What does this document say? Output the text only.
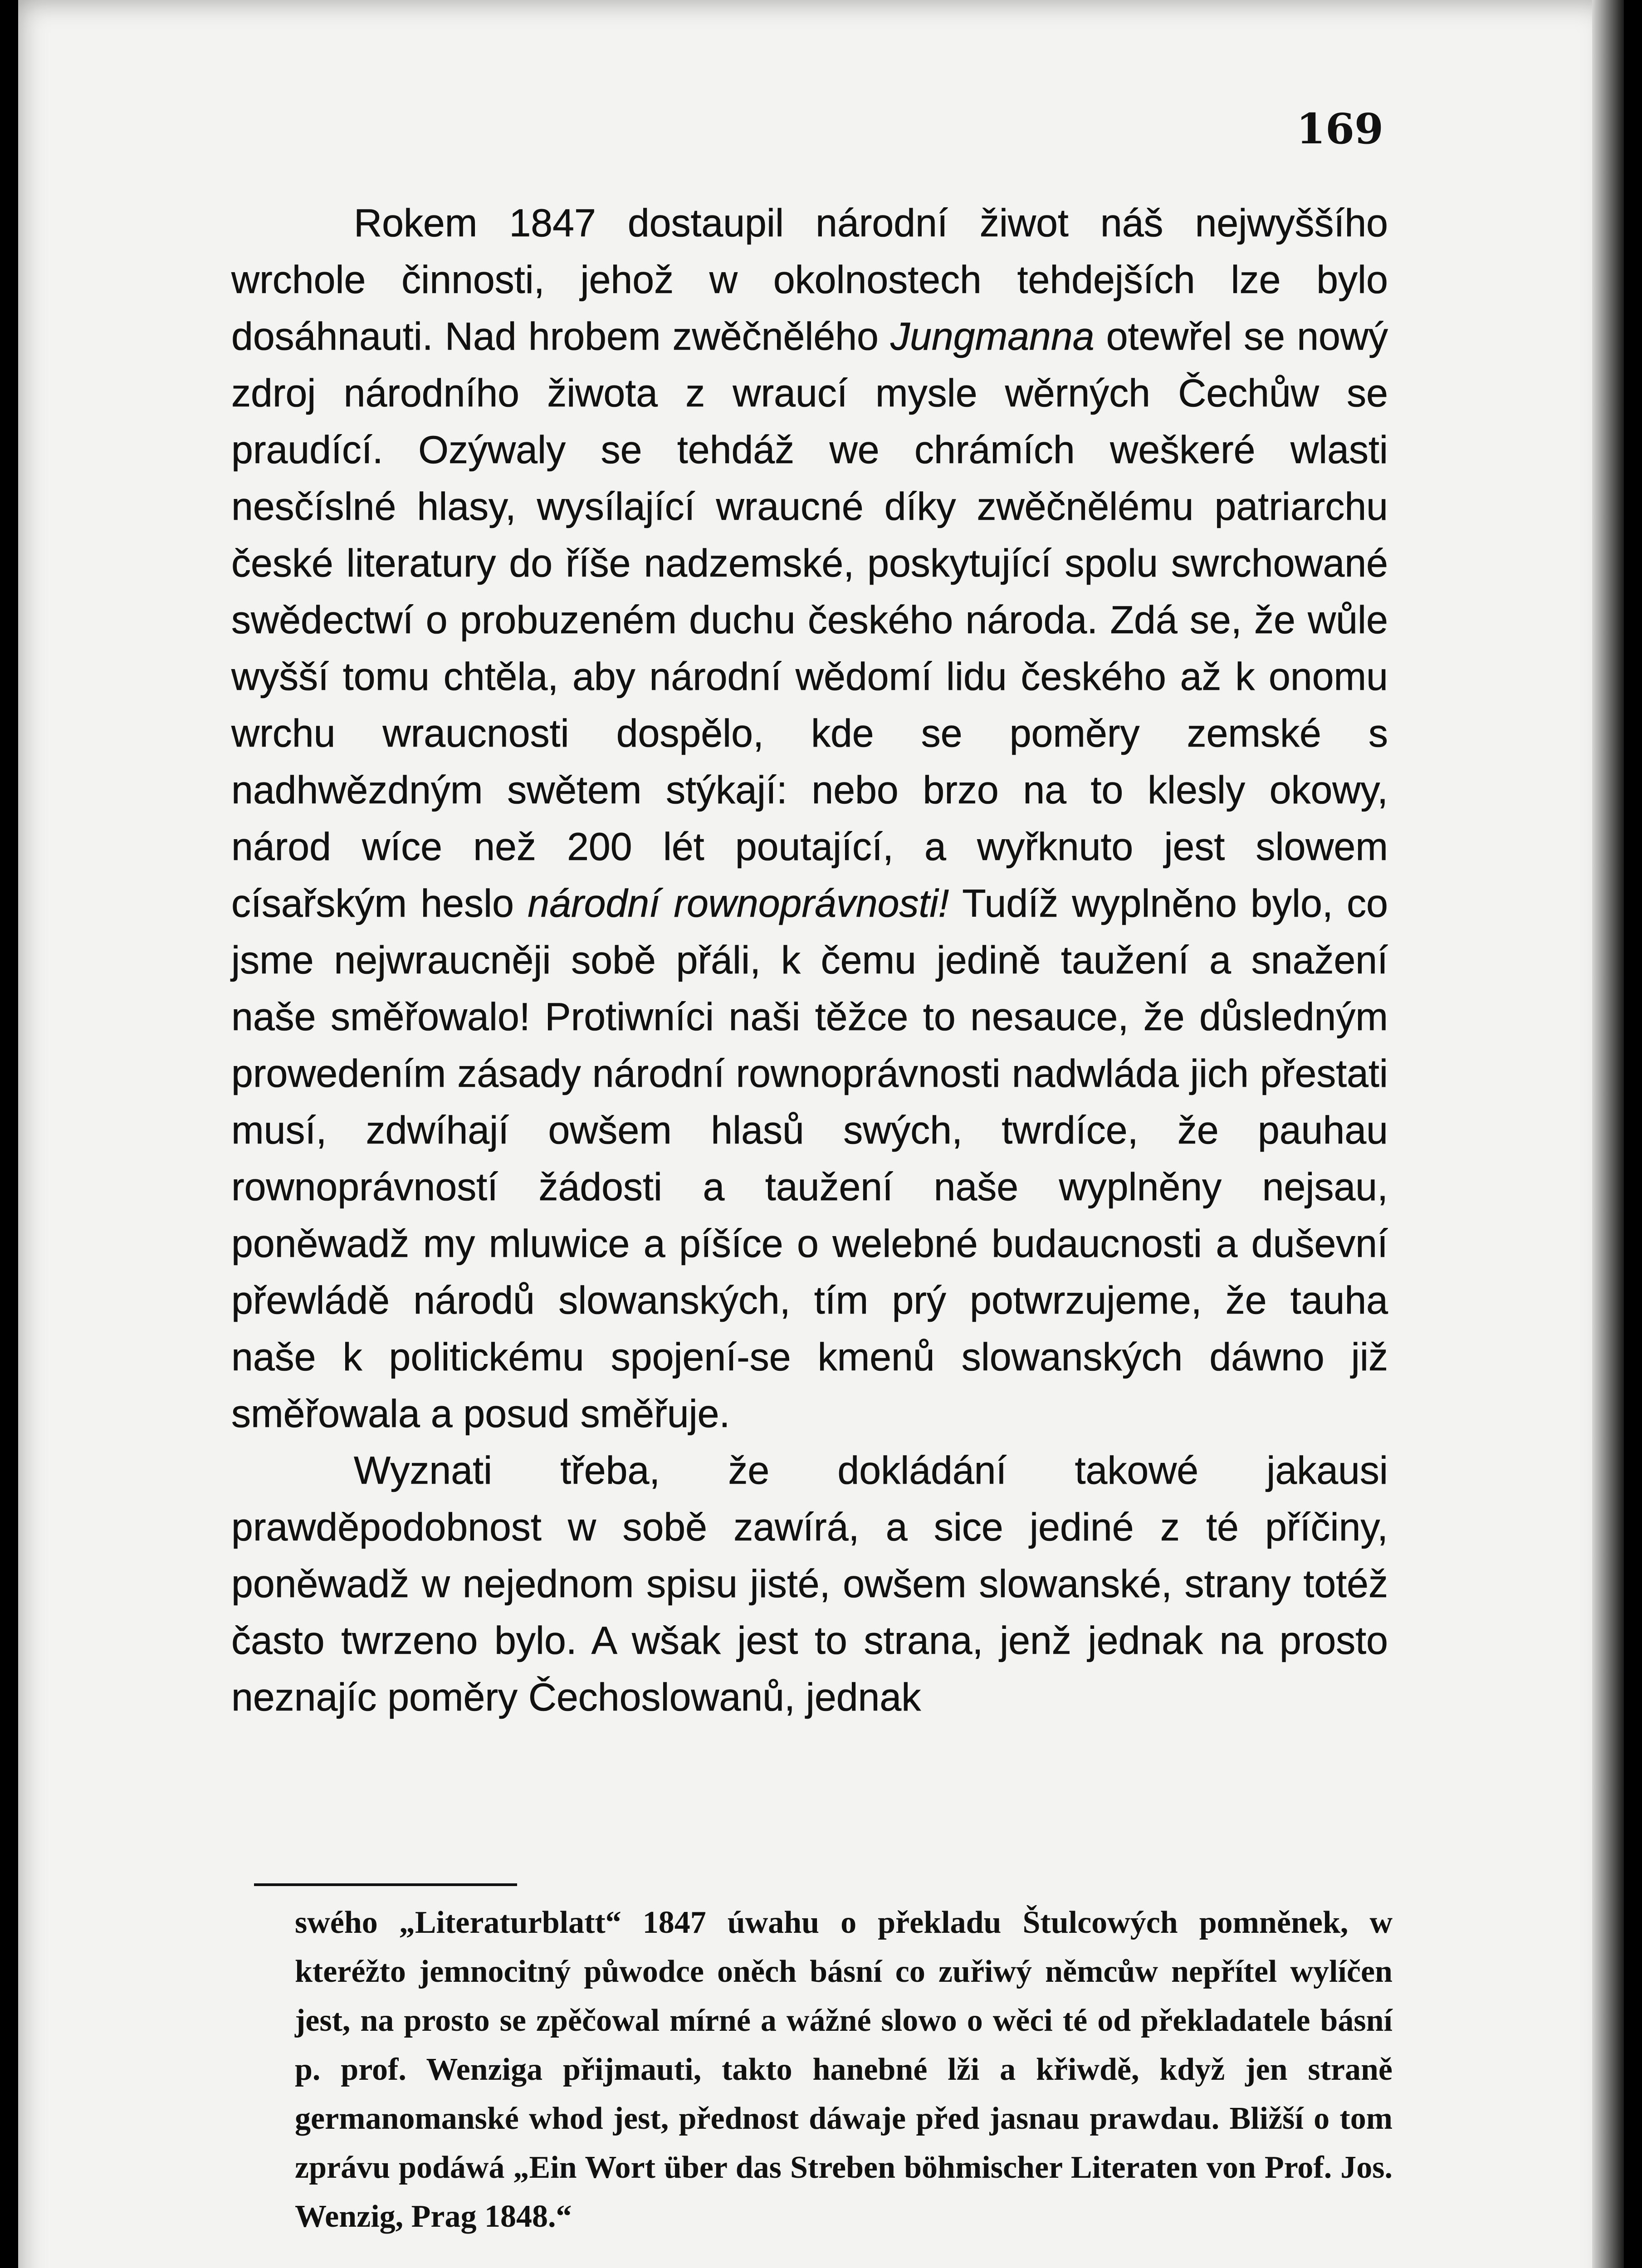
169

Rokem 1847 dostaupil národní žiwot náš nejwyššího wrchole činnosti, jehož w okolnostech tehdejších lze bylo dosáhnauti. Nad hrobem zwěčnělého Jungmanna otewřel se nowý zdroj národního žiwota z wraucí mysle wěrných Čechůw se praudící. Ozýwaly se tehdáž we chrámích weškeré wlasti nesčíslné hlasy, wysílající wraucné díky zwěčnělému patriarchu české literatury do říše nadzemské, poskytující spolu swrchowané swědectwí o probuzeném duchu českého národa. Zdá se, že wůle wyšší tomu chtěla, aby národní wědomí lidu českého až k onomu wrchu wraucnosti dospělo, kde se poměry zemské s nadhwězdným swětem stýkají: nebo brzo na to klesly okowy, národ wíce než 200 lét poutající, a wyřknuto jest slowem císařským heslo národní rownoprávnosti! Tudíž wyplněno bylo, co jsme nejwraucněji sobě přáli, k čemu jedině taužení a snažení naše směřowalo! Protiwníci naši těžce to nesauce, že důsledným prowedením zásady národní rownoprávnosti nadwláda jich přestati musí, zdwíhají owšem hlasů swých, twrdíce, že pauhau rownoprávností žádosti a taužení naše wyplněny nejsau, poněwadž my mluwice a píšíce o welebné budaucnosti a duševní přewládě národů slowanských, tím prý potwrzujeme, že tauha naše k politickému spojení-se kmenů slowanských dáwno již směřowala a posud směřuje.

Wyznati třeba, že dokládání takowé jakausi prawděpodobnost w sobě zawírá, a sice jediné z té příčiny, poněwadž w nejednom spisu jisté, owšem slowanské, strany totéž často twrzeno bylo. A wšak jest to strana, jenž jednak na prosto neznajíc poměry Čechoslowanů, jednak

swého „Literaturblatt“ 1847 úwahu o překladu Štulcowých pomněnek, w kteréžto jemnocitný půwodce oněch básní co zuřiwý němcůw nepřítel wylíčen jest, na prosto se zpěčowal mírné a wážné slowo o wěci té od překladatele básní p. prof. Wenziga přijmauti, takto hanebné lži a křiwdě, když jen straně germanomanské whod jest, přednost dáwaje před jasnau prawdau. Bližší o tom zprávu podáwá „Ein Wort über das Streben böhmischer Literaten von Prof. Jos. Wenzig, Prag 1848.“
